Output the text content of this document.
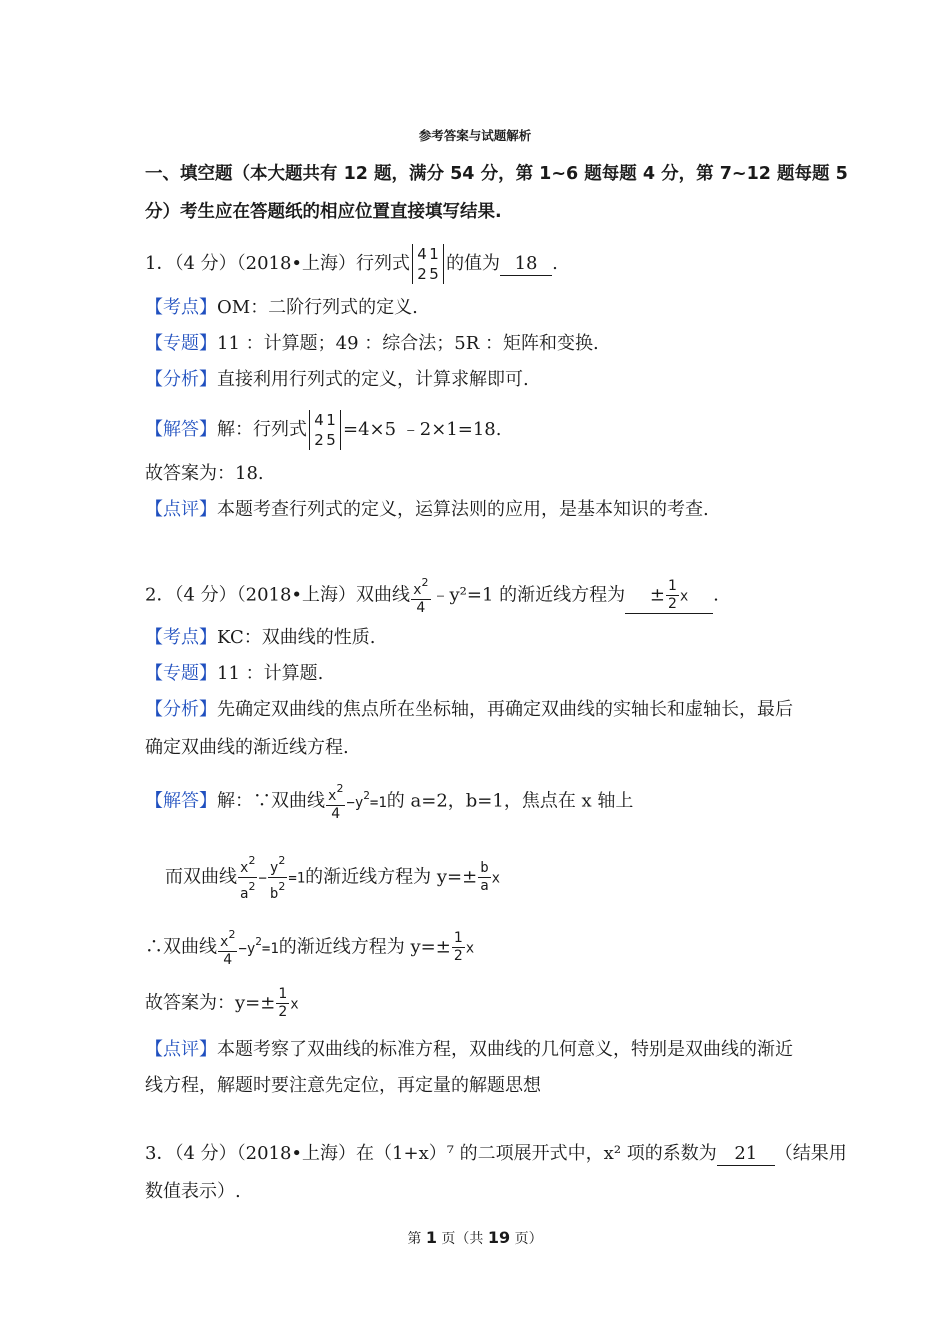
参考答案与试题解析
一、填空题（本大题共有 12 题，满分 54 分，第 1~6 题每题 4 分，第 7~12 题每题 5
分）考生应在答题纸的相应位置直接填写结果.
1．（4 分）（2018•上海）行列式 4 1
2 5 的值为 18 .
【考点】OM：二阶行列式的定义.
【专题】11 ：计算题；49 ：综合法；5R ：矩阵和变换.
【分析】直接利用行列式的定义，计算求解即可.
【解答】解：行列式 4 1
2 5 =4×5 ﹣2×1=18.
故答案为：18.
【点评】本题考查行列式的定义，运算法则的应用，是基本知识的考查.
2．（4 分）（2018•上海）双曲线 $\frac{x^2}{4}$ ﹣y²=1 的渐近线方程为 ± $\frac{1}{2}$ x .
【考点】KC：双曲线的性质.
【专题】11 ：计算题.
【分析】先确定双曲线的焦点所在坐标轴，再确定双曲线的实轴长和虚轴长，最后
确定双曲线的渐近线方程.
【解答】解：∵双曲线 $\frac{x^2}{4} -y^2=1$的 a=2，b=1，焦点在 x 轴上
而双曲线 $\frac{x^2}{a^2} - \frac{y^2}{b^2} =1$的渐近线方程为 $y=\pm \frac{b}{a}$ x
∴双曲线 $\frac{x^2}{4} -y^2=1$的渐近线方程为 $y=\pm \frac{1}{2}$ x
故答案为：$y=\pm \frac{1}{2}$ x
【点评】本题考察了双曲线的标准方程，双曲线的几何意义，特别是双曲线的渐近
线方程，解题时要注意先定位，再定量的解题思想
3．（4 分）（2018•上海）在（1+x）⁷ 的二项展开式中，x² 项的系数为 21 （结果用
数值表示）.
第 1 页（共 19 页）
